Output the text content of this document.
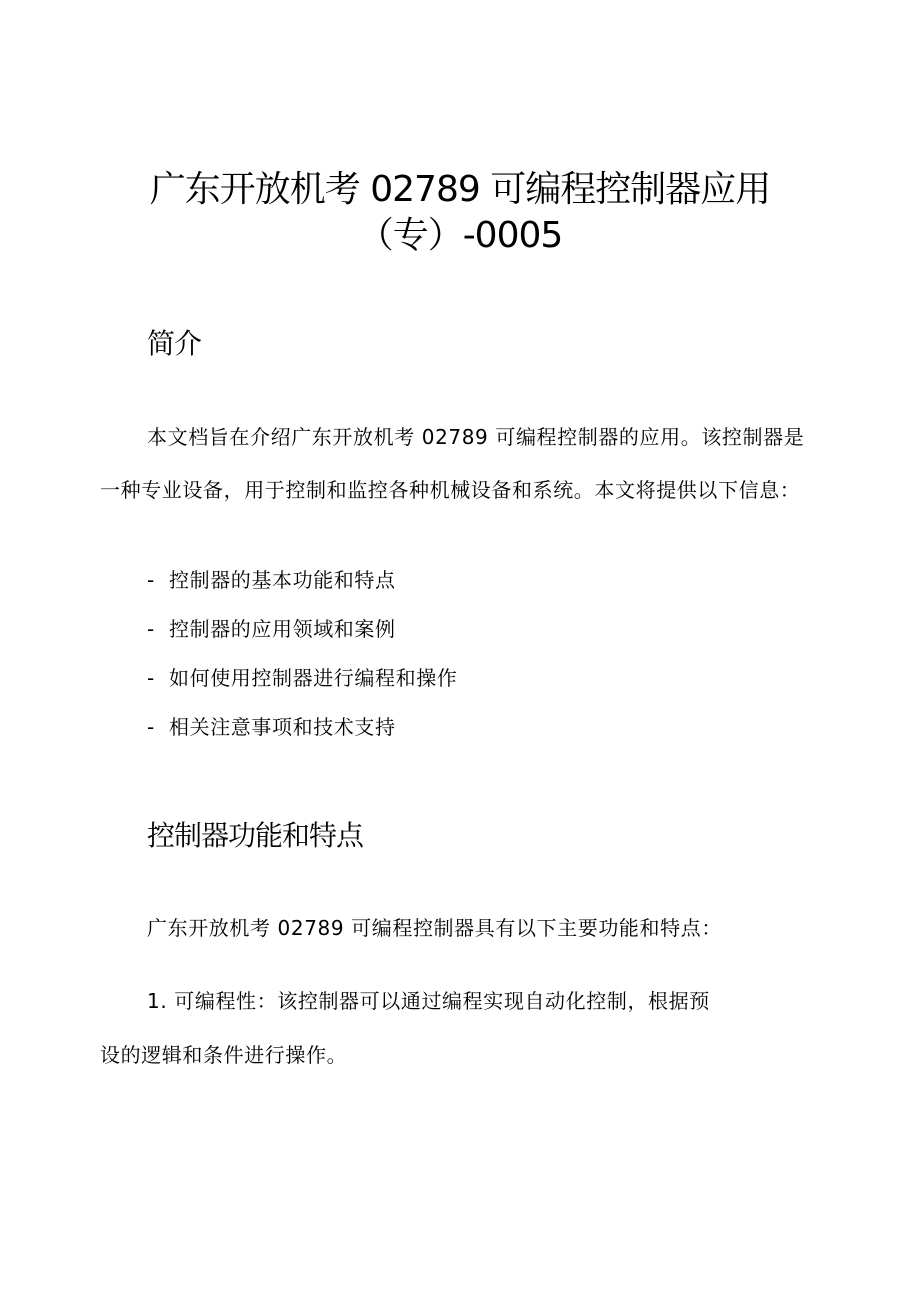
广东开放机考 02789 可编程控制器应用
（专）-0005
简介

本文档旨在介绍广东开放机考 02789 可编程控制器的应用。该控制器是

一种专业设备，用于控制和监控各种机械设备和系统。本文将提供以下信息：

- 控制器的基本功能和特点

- 控制器的应用领域和案例

- 如何使用控制器进行编程和操作

- 相关注意事项和技术支持

控制器功能和特点

广东开放机考 02789 可编程控制器具有以下主要功能和特点：

1. 可编程性：该控制器可以通过编程实现自动化控制，根据预

设的逻辑和条件进行操作。
